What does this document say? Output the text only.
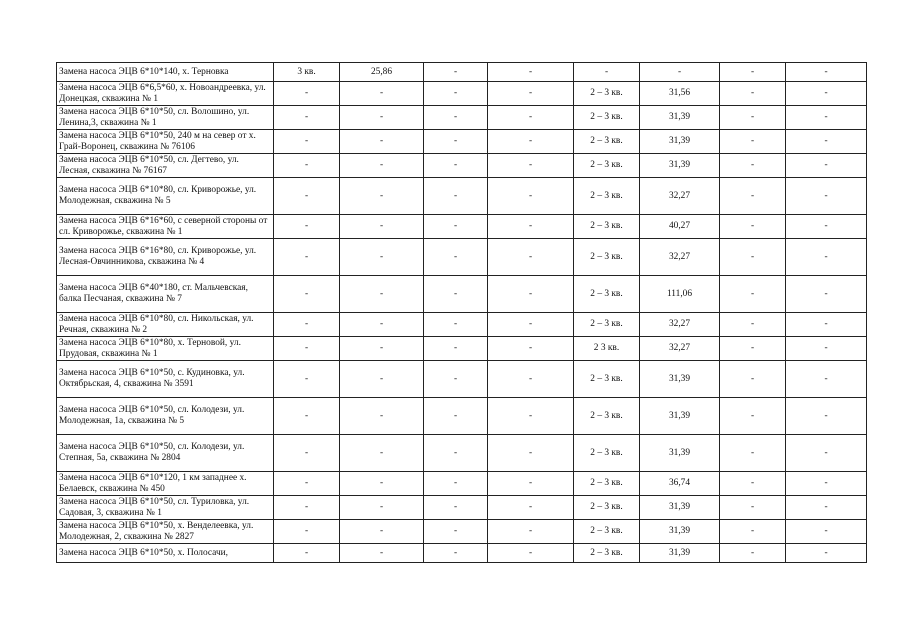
Замена насоса ЭЦВ 6*10*140, х. Терновка	3 кв.	25,86	-	-	-	-	-	-
Замена насоса ЭЦВ 6*6,5*60, х. Новоандреевка, ул. Донецкая, скважина № 1	-	-	-	-	2 – 3 кв.	31,56	-	-
Замена насоса ЭЦВ 6*10*50, сл. Волошино, ул. Ленина,3, скважина № 1	-	-	-	-	2 – 3 кв.	31,39	-	-
Замена насоса ЭЦВ 6*10*50, 240 м на север от х. Грай-Воронец, скважина № 76106	-	-	-	-	2 – 3 кв.	31,39	-	-
Замена насоса ЭЦВ 6*10*50, сл. Дегтево, ул. Лесная, скважина № 76167	-	-	-	-	2 – 3 кв.	31,39	-	-
Замена насоса ЭЦВ 6*10*80, сл. Криворожье, ул. Молодежная, скважина № 5	-	-	-	-	2 – 3 кв.	32,27	-	-
Замена насоса ЭЦВ 6*16*60, с северной стороны от сл. Криворожье, скважина № 1	-	-	-	-	2 – 3 кв.	40,27	-	-
Замена насоса ЭЦВ 6*16*80, сл. Криворожье, ул. Лесная-Овчинникова, скважина № 4	-	-	-	-	2 – 3 кв.	32,27	-	-
Замена насоса ЭЦВ 6*40*180, ст. Мальчевская, балка Песчаная, скважина № 7	-	-	-	-	2 – 3 кв.	111,06	-	-
Замена насоса ЭЦВ 6*10*80, сл. Никольская, ул. Речная, скважина № 2	-	-	-	-	2 – 3 кв.	32,27	-	-
Замена насоса ЭЦВ 6*10*80, х. Терновой, ул. Прудовая, скважина № 1	-	-	-	-	2 3 кв.	32,27	-	-
Замена насоса ЭЦВ 6*10*50, с. Кудиновка, ул. Октябрьская, 4, скважина № 3591	-	-	-	-	2 – 3 кв.	31,39	-	-
Замена насоса ЭЦВ 6*10*50, сл. Колодези, ул. Молодежная, 1а, скважина № 5	-	-	-	-	2 – 3 кв.	31,39	-	-
Замена насоса ЭЦВ 6*10*50, сл. Колодези, ул. Степная, 5а, скважина № 2804	-	-	-	-	2 – 3 кв.	31,39	-	-
Замена насоса ЭЦВ 6*10*120, 1 км западнее х. Белаевск, скважина № 450	-	-	-	-	2 – 3 кв.	36,74	-	-
Замена насоса ЭЦВ 6*10*50, сл. Туриловка, ул. Садовая, 3, скважина № 1	-	-	-	-	2 – 3 кв.	31,39	-	-
Замена насоса ЭЦВ 6*10*50, х. Венделеевка, ул. Молодежная, 2, скважина № 2827	-	-	-	-	2 – 3 кв.	31,39	-	-
Замена насоса ЭЦВ 6*10*50, х. Полосачи,	-	-	-	-	2 – 3 кв.	31,39	-	-
